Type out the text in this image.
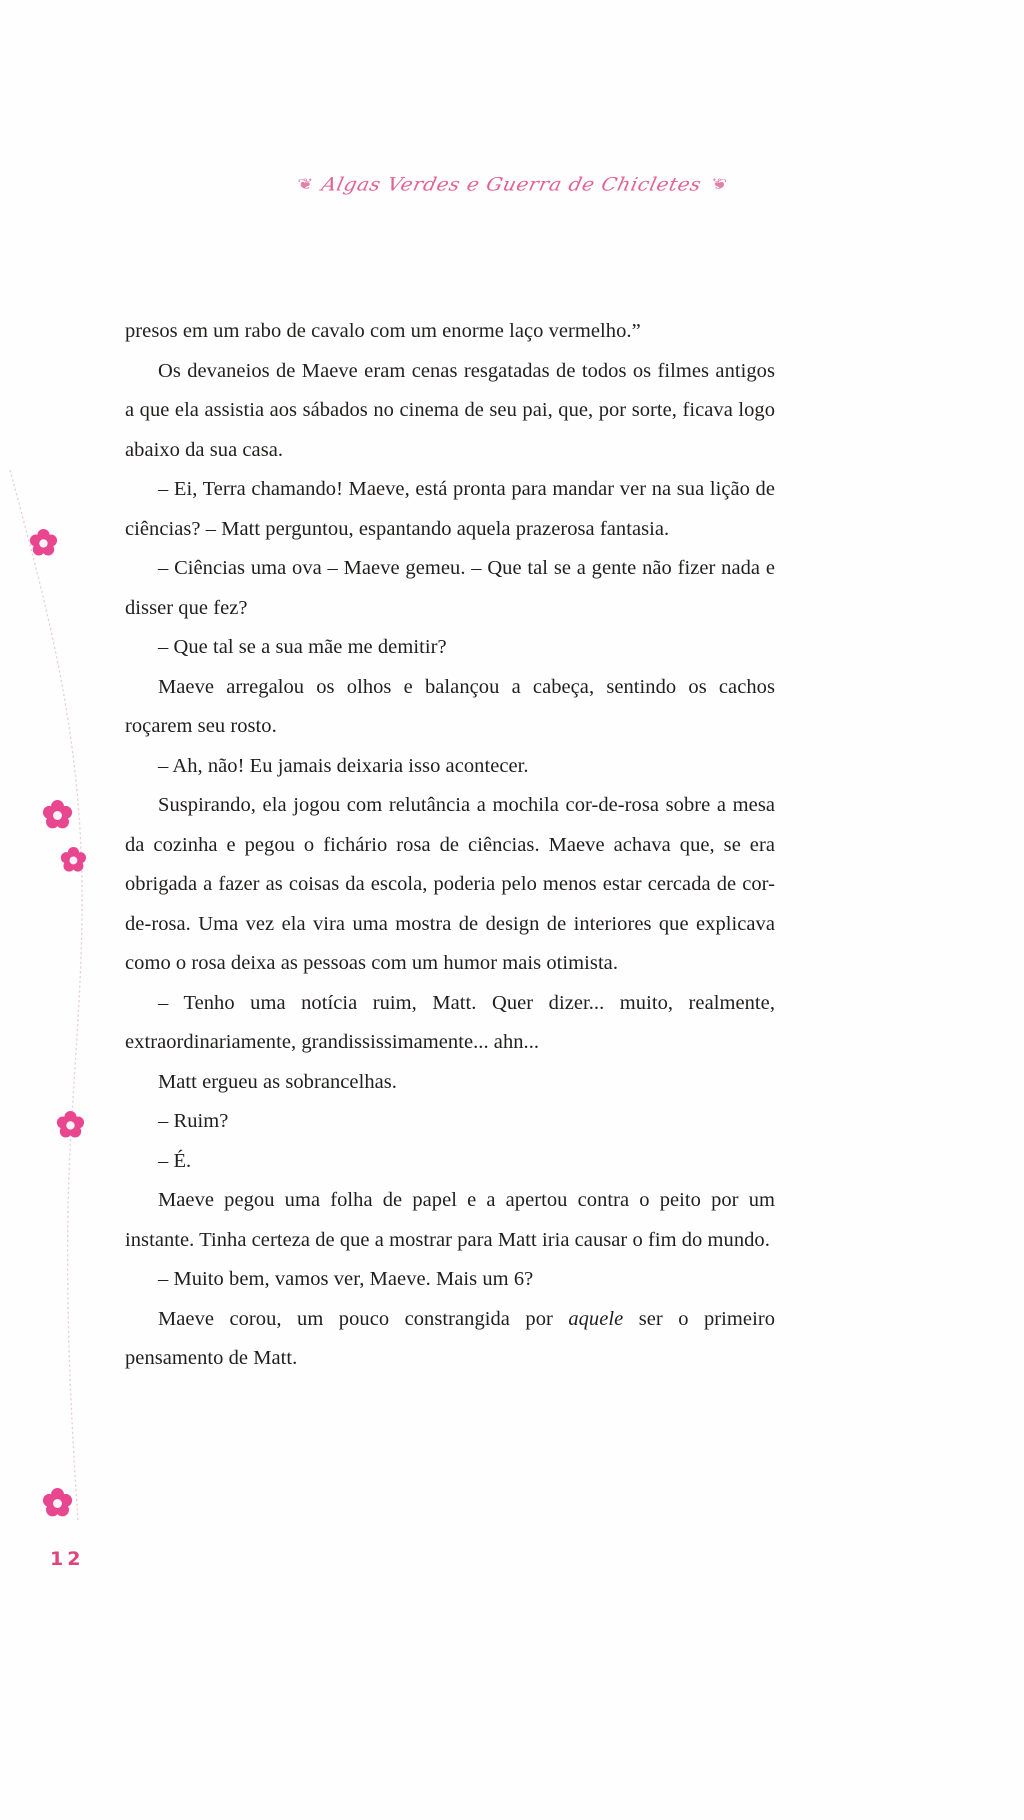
❦ Algas Verdes e Guerra de Chicletes ❦

presos em um rabo de cavalo com um enorme laço vermelho.”

Os devaneios de Maeve eram cenas resgatadas de todos os filmes antigos a que ela assistia aos sábados no cinema de seu pai, que, por sorte, ficava logo abaixo da sua casa.

– Ei, Terra chamando! Maeve, está pronta para mandar ver na sua lição de ciências? – Matt perguntou, espantando aquela prazerosa fantasia.

– Ciências uma ova – Maeve gemeu. – Que tal se a gente não fizer nada e disser que fez?

– Que tal se a sua mãe me demitir?

Maeve arregalou os olhos e balançou a cabeça, sentindo os cachos roçarem seu rosto.

– Ah, não! Eu jamais deixaria isso acontecer.

Suspirando, ela jogou com relutância a mochila cor-de-rosa sobre a mesa da cozinha e pegou o fichário rosa de ciências. Maeve achava que, se era obrigada a fazer as coisas da escola, poderia pelo menos estar cercada de cor-de-rosa. Uma vez ela vira uma mostra de design de interiores que explicava como o rosa deixa as pessoas com um humor mais otimista.

– Tenho uma notícia ruim, Matt. Quer dizer... muito, realmente, extraordinariamente, grandississimamente... ahn...

Matt ergueu as sobrancelhas.

– Ruim?

– É.

Maeve pegou uma folha de papel e a apertou contra o peito por um instante. Tinha certeza de que a mostrar para Matt iria causar o fim do mundo.

– Muito bem, vamos ver, Maeve. Mais um 6?

Maeve corou, um pouco constrangida por aquele ser o primeiro pensamento de Matt.

12
